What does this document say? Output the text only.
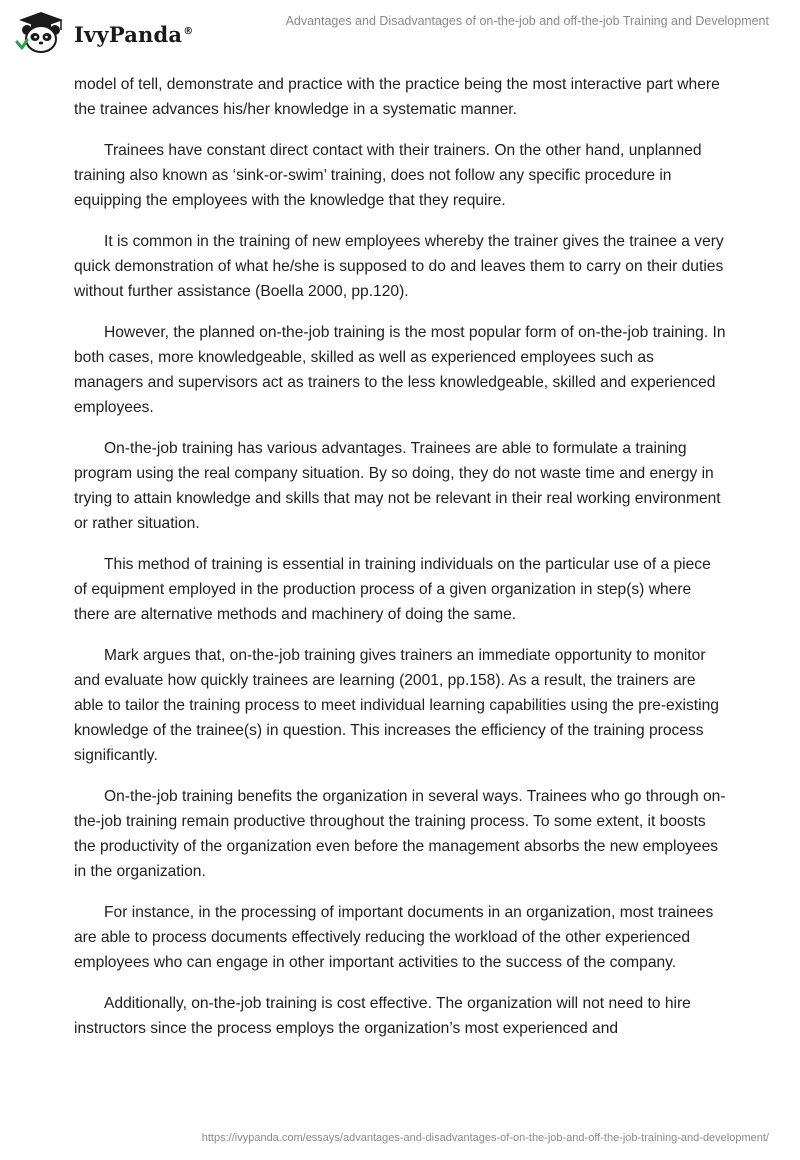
IvyPanda®
Advantages and Disadvantages of on-the-job and off-the-job Training and Development

model of tell, demonstrate and practice with the practice being the most interactive part where the trainee advances his/her knowledge in a systematic manner.

Trainees have constant direct contact with their trainers. On the other hand, unplanned training also known as ‘sink-or-swim’ training, does not follow any specific procedure in equipping the employees with the knowledge that they require.

It is common in the training of new employees whereby the trainer gives the trainee a very quick demonstration of what he/she is supposed to do and leaves them to carry on their duties without further assistance (Boella 2000, pp.120).

However, the planned on-the-job training is the most popular form of on-the-job training. In both cases, more knowledgeable, skilled as well as experienced employees such as managers and supervisors act as trainers to the less knowledgeable, skilled and experienced employees.

On-the-job training has various advantages. Trainees are able to formulate a training program using the real company situation. By so doing, they do not waste time and energy in trying to attain knowledge and skills that may not be relevant in their real working environment or rather situation.

This method of training is essential in training individuals on the particular use of a piece of equipment employed in the production process of a given organization in step(s) where there are alternative methods and machinery of doing the same.

Mark argues that, on-the-job training gives trainers an immediate opportunity to monitor and evaluate how quickly trainees are learning (2001, pp.158). As a result, the trainers are able to tailor the training process to meet individual learning capabilities using the pre-existing knowledge of the trainee(s) in question. This increases the efficiency of the training process significantly.

On-the-job training benefits the organization in several ways. Trainees who go through on-the-job training remain productive throughout the training process. To some extent, it boosts the productivity of the organization even before the management absorbs the new employees in the organization.

For instance, in the processing of important documents in an organization, most trainees are able to process documents effectively reducing the workload of the other experienced employees who can engage in other important activities to the success of the company.

Additionally, on-the-job training is cost effective. The organization will not need to hire instructors since the process employs the organization’s most experienced and

https://ivypanda.com/essays/advantages-and-disadvantages-of-on-the-job-and-off-the-job-training-and-development/
